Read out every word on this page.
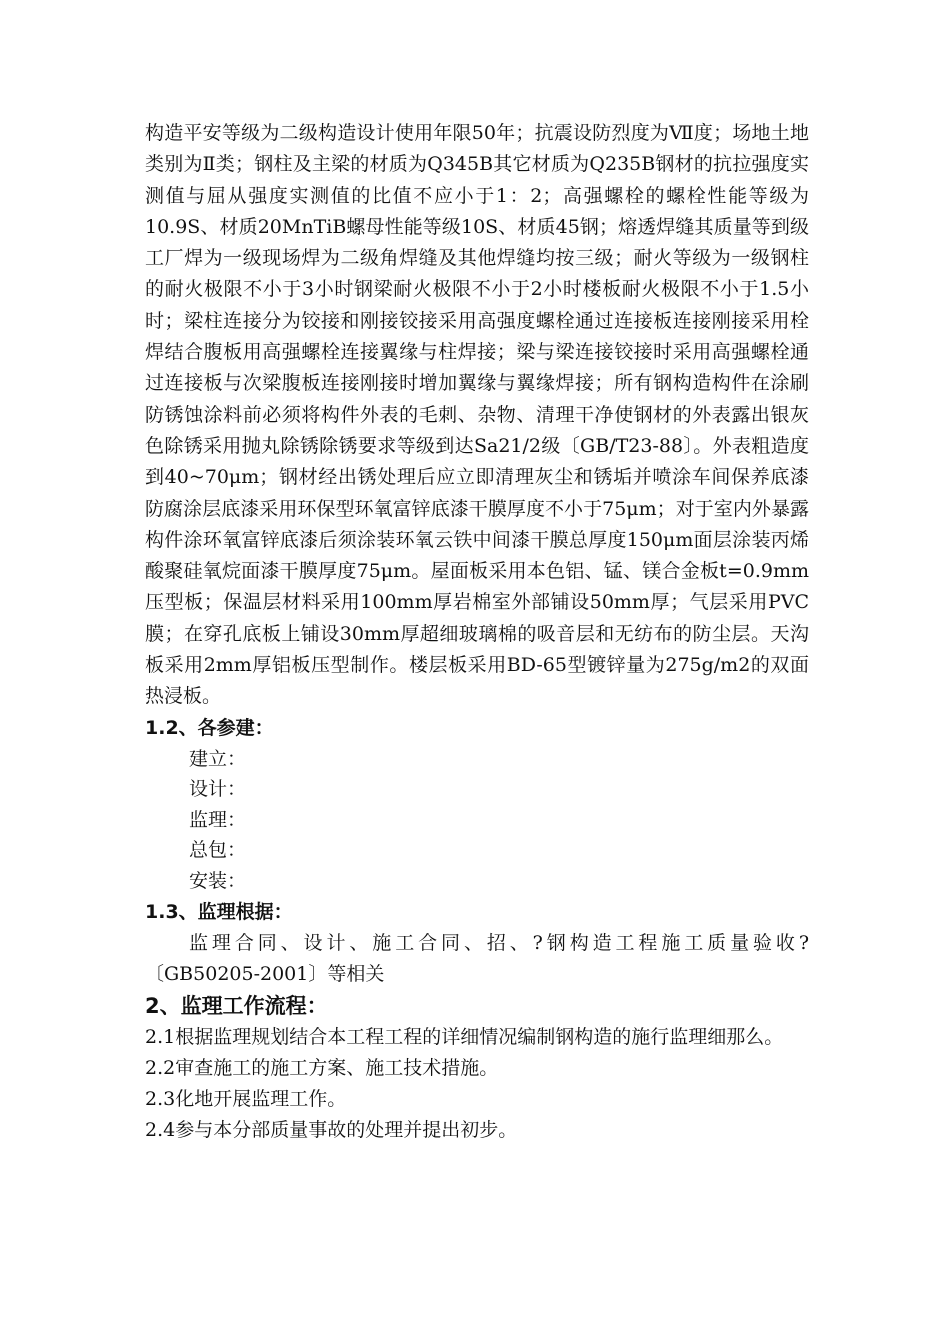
构造平安等级为二级构造设计使用年限50年；抗震设防烈度为Ⅶ度；场地土地类别为Ⅱ类；钢柱及主梁的材质为Q345B其它材质为Q235B钢材的抗拉强度实测值与屈从强度实测值的比值不应小于1：2；高强螺栓的螺栓性能等级为10.9S、材质20MnTiB螺母性能等级10S、材质45钢；熔透焊缝其质量等到级工厂焊为一级现场焊为二级角焊缝及其他焊缝均按三级；耐火等级为一级钢柱的耐火极限不小于3小时钢梁耐火极限不小于2小时楼板耐火极限不小于1.5小时；梁柱连接分为铰接和刚接铰接采用高强度螺栓通过连接板连接刚接采用栓焊结合腹板用高强螺栓连接翼缘与柱焊接；梁与梁连接铰接时采用高强螺栓通过连接板与次梁腹板连接刚接时增加翼缘与翼缘焊接；所有钢构造构件在涂刷防锈蚀涂料前必须将构件外表的毛刺、杂物、清理干净使钢材的外表露出银灰色除锈采用抛丸除锈除锈要求等级到达Sa21/2级〔GB/T23-88〕。外表粗造度到40~70μm；钢材经出锈处理后应立即清理灰尘和锈垢并喷涂车间保养底漆防腐涂层底漆采用环保型环氧富锌底漆干膜厚度不小于75μm；对于室内外暴露构件涂环氧富锌底漆后须涂装环氧云铁中间漆干膜总厚度150μm面层涂装丙烯酸聚硅氧烷面漆干膜厚度75μm。屋面板采用本色铝、锰、镁合金板t=0.9mm压型板；保温层材料采用100mm厚岩棉室外部铺设50mm厚；气层采用PVC膜；在穿孔底板上铺设30mm厚超细玻璃棉的吸音层和无纺布的防尘层。天沟板采用2mm厚铝板压型制作。楼层板采用BD-65型镀锌量为275g/m2的双面热浸板。

1.2、各参建：
建立：
设计：
监理：
总包：
安装：
1.3、监理根据：

监理合同、设计、施工合同、招、?钢构造工程施工质量验收?〔GB50205-2001〕等相关

2、监理工作流程：
2.1根据监理规划结合本工程工程的详细情况编制钢构造的施行监理细那么。
2.2审查施工的施工方案、施工技术措施。
2.3化地开展监理工作。
2.4参与本分部质量事故的处理并提出初步。
